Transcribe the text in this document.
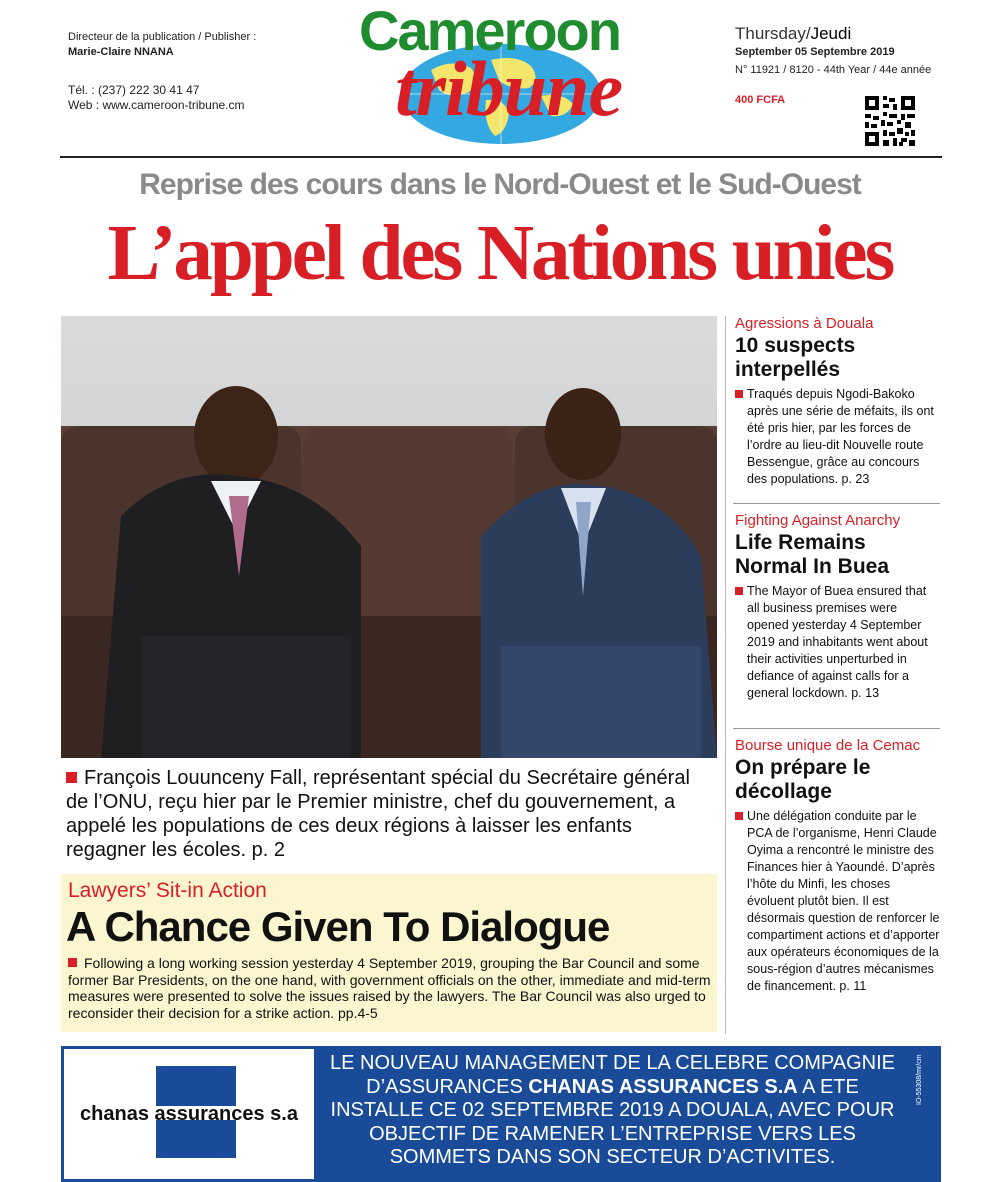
Directeur de la publication / Publisher :
Marie-Claire NNANA
Tél. : (237) 222 30 41 47
Web : www.cameroon-tribune.cm
Cameroon
tribune
Thursday/Jeudi
September 05 Septembre 2019
N° 11921 / 8120 - 44th Year / 44e année
400 FCFA
Reprise des cours dans le Nord-Ouest et le Sud-Ouest
L’appel des Nations unies
François Louunceny Fall, représentant spécial du Secrétaire général de l’ONU, reçu hier par le Premier ministre, chef du gouvernement, a appelé les populations de ces deux régions à laisser les enfants regagner les écoles. p. 2
Lawyers’ Sit-in Action
A Chance Given To Dialogue
Following a long working session yesterday 4 September 2019, grouping the Bar Council and some former Bar Presidents, on the one hand, with government officials on the other, immediate and mid-term measures were presented to solve the issues raised by the lawyers. The Bar Council was also urged to reconsider their decision for a strike action. pp.4-5
Agressions à Douala
10 suspects interpellés
Traqués depuis Ngodi-Bakoko après une série de méfaits, ils ont été pris hier, par les forces de l’ordre au lieu-dit Nouvelle route Bessengue, grâce au concours des populations. p. 23
Fighting Against Anarchy
Life Remains Normal In Buea
The Mayor of Buea ensured that all business premises were opened yesterday 4 September 2019 and inhabitants went about their activities unperturbed in defiance of against calls for a general lockdown. p. 13
Bourse unique de la Cemac
On prépare le décollage
Une délégation conduite par le PCA de l’organisme, Henri Claude Oyima a rencontré le ministre des Finances hier à Yaoundé. D’après l’hôte du Minfi, les choses évoluent plutôt bien. Il est désormais question de renforcer le compartiment actions et d’apporter aux opérateurs économiques de la sous-région d’autres mécanismes de financement. p. 11
chanas assurances s.a
LE NOUVEAU MANAGEMENT DE LA CELEBRE COMPAGNIE D’ASSURANCES CHANAS ASSURANCES S.A A ETE INSTALLE CE 02 SEPTEMBRE 2019 A DOUALA, AVEC POUR OBJECTIF DE RAMENER L’ENTREPRISE VERS LES SOMMETS DANS SON SECTEUR D’ACTIVITES.
IO-55308/mr/cm
